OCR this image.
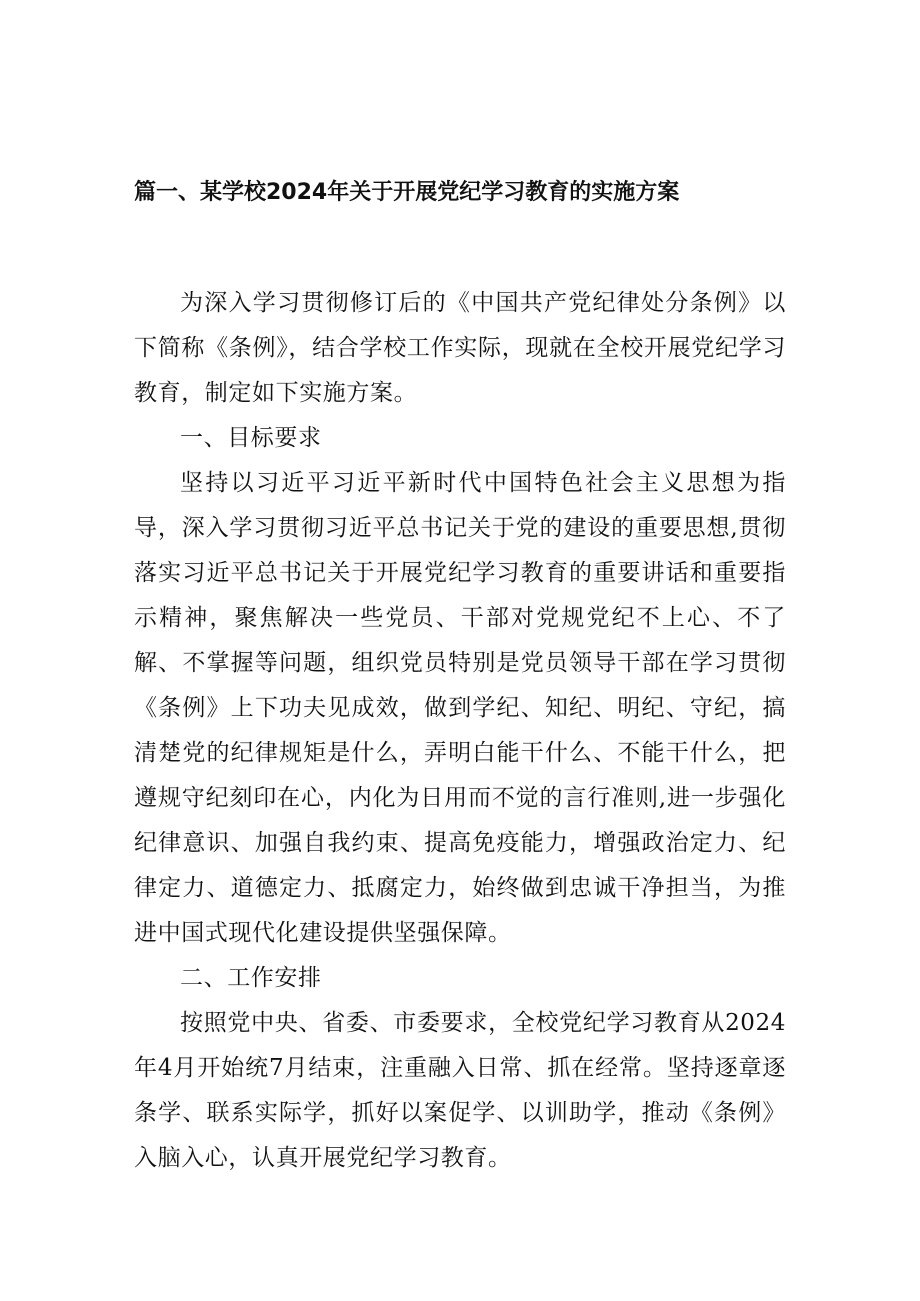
篇一、某学校2024年关于开展党纪学习教育的实施方案

为深入学习贯彻修订后的《中国共产党纪律处分条例》以下简称《条例》，结合学校工作实际，现就在全校开展党纪学习教育，制定如下实施方案。

一、目标要求

坚持以习近平习近平新时代中国特色社会主义思想为指导，深入学习贯彻习近平总书记关于党的建设的重要思想,贯彻落实习近平总书记关于开展党纪学习教育的重要讲话和重要指示精神，聚焦解决一些党员、干部对党规党纪不上心、不了解、不掌握等问题，组织党员特别是党员领导干部在学习贯彻《条例》上下功夫见成效，做到学纪、知纪、明纪、守纪，搞清楚党的纪律规矩是什么，弄明白能干什么、不能干什么，把遵规守纪刻印在心，内化为日用而不觉的言行准则,进一步强化纪律意识、加强自我约束、提高免疫能力，增强政治定力、纪律定力、道德定力、抵腐定力，始终做到忠诚干净担当，为推进中国式现代化建设提供坚强保障。

二、工作安排

按照党中央、省委、市委要求，全校党纪学习教育从2024年4月开始统7月结束，注重融入日常、抓在经常。坚持逐章逐条学、联系实际学，抓好以案促学、以训助学，推动《条例》入脑入心，认真开展党纪学习教育。
